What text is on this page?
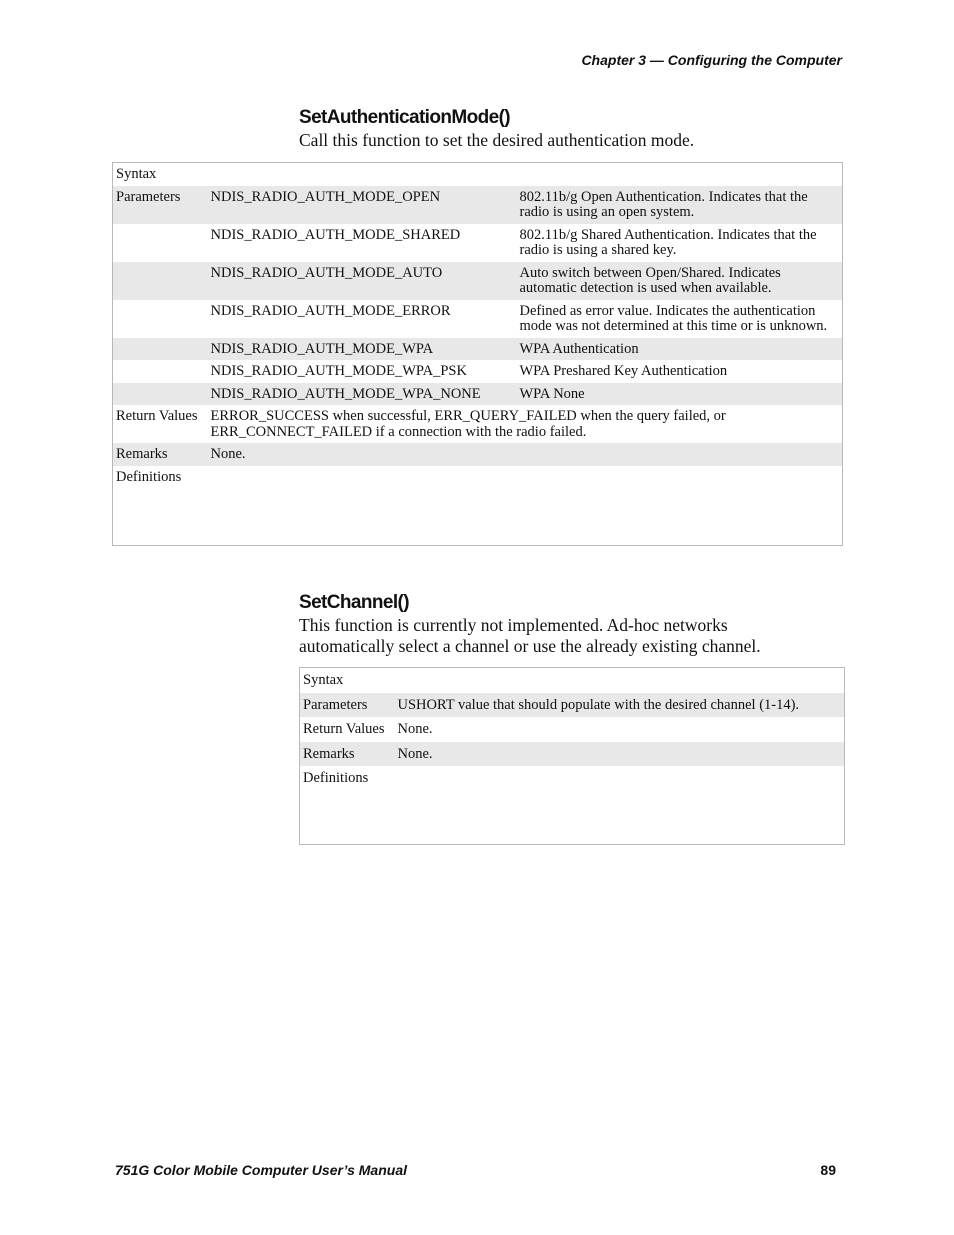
Chapter 3 — Configuring the Computer
SetAuthenticationMode()
Call this function to set the desired authentication mode.
Syntax		
Parameters	NDIS_RADIO_AUTH_MODE_OPEN	802.11b/g Open Authentication. Indicates that the radio is using an open system.
	NDIS_RADIO_AUTH_MODE_SHARED	802.11b/g Shared Authentication. Indicates that the radio is using a shared key.
	NDIS_RADIO_AUTH_MODE_AUTO	Auto switch between Open/Shared. Indicates automatic detection is used when available.
	NDIS_RADIO_AUTH_MODE_ERROR	Defined as error value. Indicates the authentication mode was not determined at this time or is unknown.
	NDIS_RADIO_AUTH_MODE_WPA	WPA Authentication
	NDIS_RADIO_AUTH_MODE_WPA_PSK	WPA Preshared Key Authentication
	NDIS_RADIO_AUTH_MODE_WPA_NONE	WPA None
Return Values	ERROR_SUCCESS when successful, ERR_QUERY_FAILED when the query failed, or ERR_CONNECT_FAILED if a connection with the radio failed.	
Remarks	None.	
Definitions		
SetChannel()
This function is currently not implemented. Ad-hoc networks automatically select a channel or use the already existing channel.
Syntax	
Parameters	USHORT value that should populate with the desired channel (1-14).
Return Values	None.
Remarks	None.
Definitions	
751G Color Mobile Computer User’s Manual	89
